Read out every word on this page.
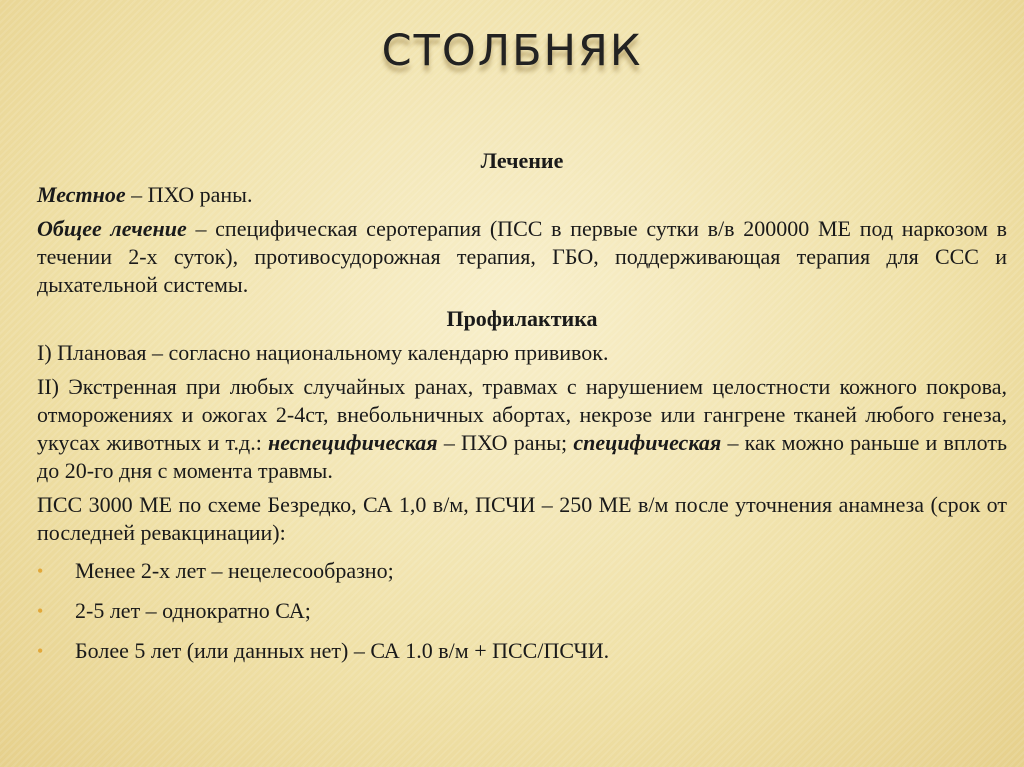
СТОЛБНЯК
Лечение

Местное – ПХО раны.

Общее лечение – специфическая серотерапия (ПСС в первые сутки в/в 200000 МЕ под наркозом в течении 2-х суток), противосудорожная терапия, ГБО, поддерживающая терапия для ССС и дыхательной системы.

Профилактика

I) Плановая – согласно национальному календарю прививок.

II) Экстренная при любых случайных ранах, травмах с нарушением целостности кожного покрова, отморожениях и ожогах 2-4ст, внебольничных абортах, некрозе или гангрене тканей любого генеза, укусах животных и т.д.: неспецифическая – ПХО раны; специфическая – как можно раньше и вплоть до 20-го дня с момента травмы.

ПСС 3000 МЕ по схеме Безредко, СА 1,0 в/м, ПСЧИ – 250 МЕ в/м после уточнения анамнеза (срок от последней ревакцинации):

• Менее 2-х лет – нецелесообразно;
• 2-5 лет – однократно СА;
• Более 5 лет (или данных нет) – СА 1.0 в/м + ПСС/ПСЧИ.
